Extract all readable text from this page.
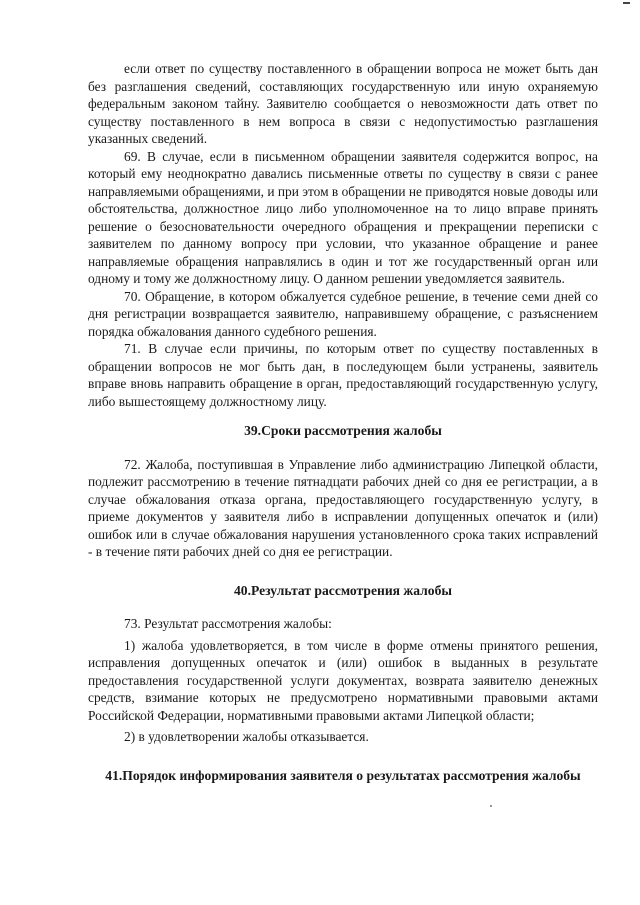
если ответ по существу поставленного в обращении вопроса не может быть дан без разглашения сведений, составляющих государственную или иную охраняемую федеральным законом тайну. Заявителю сообщается о невозможности дать ответ по существу поставленного в нем вопроса в связи с недопустимостью разглашения указанных сведений.

69. В случае, если в письменном обращении заявителя содержится вопрос, на который ему неоднократно давались письменные ответы по существу в связи с ранее направляемыми обращениями, и при этом в обращении не приводятся новые доводы или обстоятельства, должностное лицо либо уполномоченное на то лицо вправе принять решение о безосновательности очередного обращения и прекращении переписки с заявителем по данному вопросу при условии, что указанное обращение и ранее направляемые обращения направлялись в один и тот же государственный орган или одному и тому же должностному лицу. О данном решении уведомляется заявитель.

70. Обращение, в котором обжалуется судебное решение, в течение семи дней со дня регистрации возвращается заявителю, направившему обращение, с разъяснением порядка обжалования данного судебного решения.

71. В случае если причины, по которым ответ по существу поставленных в обращении вопросов не мог быть дан, в последующем были устранены, заявитель вправе вновь направить обращение в орган, предоставляющий государственную услугу, либо вышестоящему должностному лицу.

39.Сроки рассмотрения жалобы

72. Жалоба, поступившая в Управление либо администрацию Липецкой области, подлежит рассмотрению в течение пятнадцати рабочих дней со дня ее регистрации, а в случае обжалования отказа органа, предоставляющего государственную услугу, в приеме документов у заявителя либо в исправлении допущенных опечаток и (или) ошибок или в случае обжалования нарушения установленного срока таких исправлений - в течение пяти рабочих дней со дня ее регистрации.

40.Результат рассмотрения жалобы

73. Результат рассмотрения жалобы:

1) жалоба удовлетворяется, в том числе в форме отмены принятого решения, исправления допущенных опечаток и (или) ошибок в выданных в результате предоставления государственной услуги документах, возврата заявителю денежных средств, взимание которых не предусмотрено нормативными правовыми актами Российской Федерации, нормативными правовыми актами Липецкой области;

2) в удовлетворении жалобы отказывается.

41.Порядок информирования заявителя о результатах рассмотрения жалобы
